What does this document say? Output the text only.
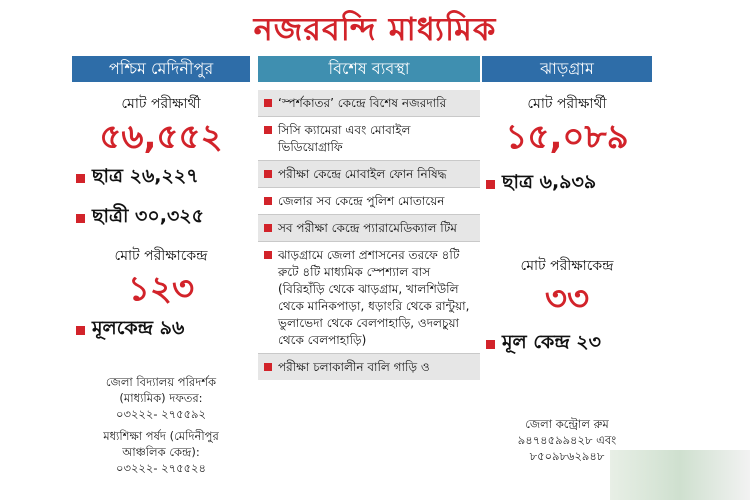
নজরবন্দি মাধ্যমিক
পশ্চিম মেদিনীপুর	বিশেষ ব্যবস্থা	ঝাড়গ্রাম
মোট পরীক্ষার্থী
৫৬,৫৫২
ছাত্র ২৬,২২৭
ছাত্রী ৩০,৩২৫
মোট পরীক্ষাকেন্দ্র
১২৩
মূলকেন্দ্র ৯৬
জেলা বিদ্যালয় পরিদর্শক
(মাধ্যমিক) দফতর:
০৩২২২- ২৭৫৫৯২
মধ্যশিক্ষা পর্ষদ (মেদিনীপুর
আঞ্চলিক কেন্দ্র):
০৩২২২- ২৭৫৫২৪
‘স্পর্শকাতর’ কেন্দ্রে বিশেষ নজরদারি
সিসি ক্যামেরা এবং মোবাইল ভিডিয়োগ্রাফি
পরীক্ষা কেন্দ্রে মোবাইল ফোন নিষিদ্ধ
জেলার সব কেন্দ্রে পুলিশ মোতায়েন
সব পরীক্ষা কেন্দ্রে প্যারামেডিক্যাল টিম
ঝাড়গ্রামে জেলা প্রশাসনের তরফে ৪টি রুটে ৪টি মাধ্যমিক স্পেশ্যাল বাস (বিরিহাঁড়ি থেকে ঝাড়গ্রাম, খালশিউলি থেকে মানিকপাড়া, ধড়াংরি থেকে রান্টুয়া, ভুলাভেদা থেকে বেলপাহাড়ি, ওদলচুয়া থেকে বেলপাহাড়ি)
পরীক্ষা চলাকালীন বালি গাড়ি ও
মোট পরীক্ষার্থী
১৫,০৮৯
ছাত্র ৬,৯৩৯
মোট পরীক্ষাকেন্দ্র
৩৩
মূল কেন্দ্র ২৩
জেলা কন্ট্রোল রুম
৯৪৭৪৫৯৯৪২৮ এবং
৮৫০৯৮৬২৯৪৮
